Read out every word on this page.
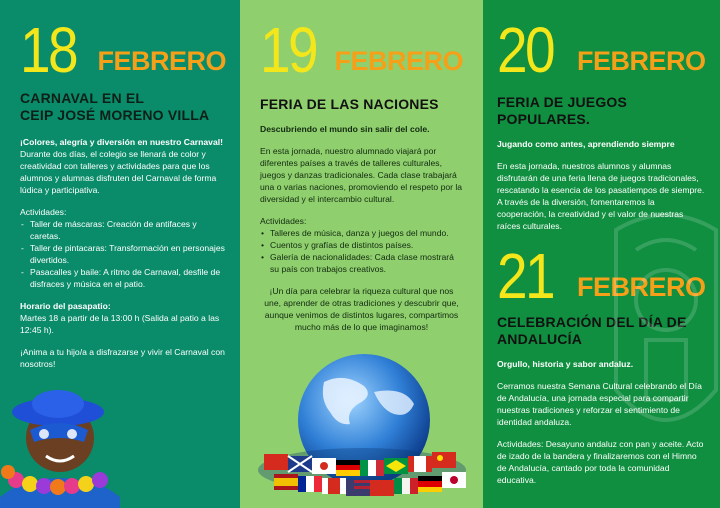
18 FEBRERO
CARNAVAL EN EL
CEIP JOSÉ MORENO VILLA
¡Colores, alegría y diversión en nuestro Carnaval!

Durante dos días, el colegio se llenará de color y creatividad con talleres y actividades para que los alumnos y alumnas disfruten del Carnaval de forma lúdica y participativa.

Actividades:

- Taller de máscaras: Creación de antifaces y caretas.
- Taller de pintacaras: Transformación en personajes divertidos.
- Pasacalles y baile: A ritmo de Carnaval, desfile de disfraces y música en el patio.

Horario del pasapatio:

Martes 18 a partir de la 13:00 h (Salida al patio a las 12:45 h).

¡Anima a tu hijo/a a disfrazarse y vivir el Carnaval con nosotros!

19 FEBRERO
FERIA DE LAS NACIONES
Descubriendo el mundo sin salir del cole.

En esta jornada, nuestro alumnado viajará por diferentes países a través de talleres culturales, juegos y danzas tradicionales. Cada clase trabajará una o varias naciones, promoviendo el respeto por la diversidad y el intercambio cultural.

Actividades:

• Talleres de música, danza y juegos del mundo.
• Cuentos y grafías de distintos países.
• Galería de nacionalidades: Cada clase mostrará su país con trabajos creativos.

¡Un día para celebrar la riqueza cultural que nos une, aprender de otras tradiciones y descubrir que, aunque venimos de distintos lugares, compartimos mucho más de lo que imaginamos!

20 FEBRERO
FERIA DE JUEGOS
POPULARES.
Jugando como antes, aprendiendo siempre

En esta jornada, nuestros alumnos y alumnas disfrutarán de una feria llena de juegos tradicionales, rescatando la esencia de los pasatiempos de siempre. A través de la diversión, fomentaremos la cooperación, la creatividad y el valor de nuestras raíces culturales.

21 FEBRERO
CELEBRACIÓN DEL DÍA DE
ANDALUCÍA
Orgullo, historia y sabor andaluz.

Cerramos nuestra Semana Cultural celebrando el Día de Andalucía, una jornada especial para compartir nuestras tradiciones y reforzar el sentimiento de identidad andaluza.

Actividades: Desayuno andaluz con pan y aceite. Acto de izado de la bandera y finalizaremos con el Himno de Andalucía, cantado por toda la comunidad educativa.
